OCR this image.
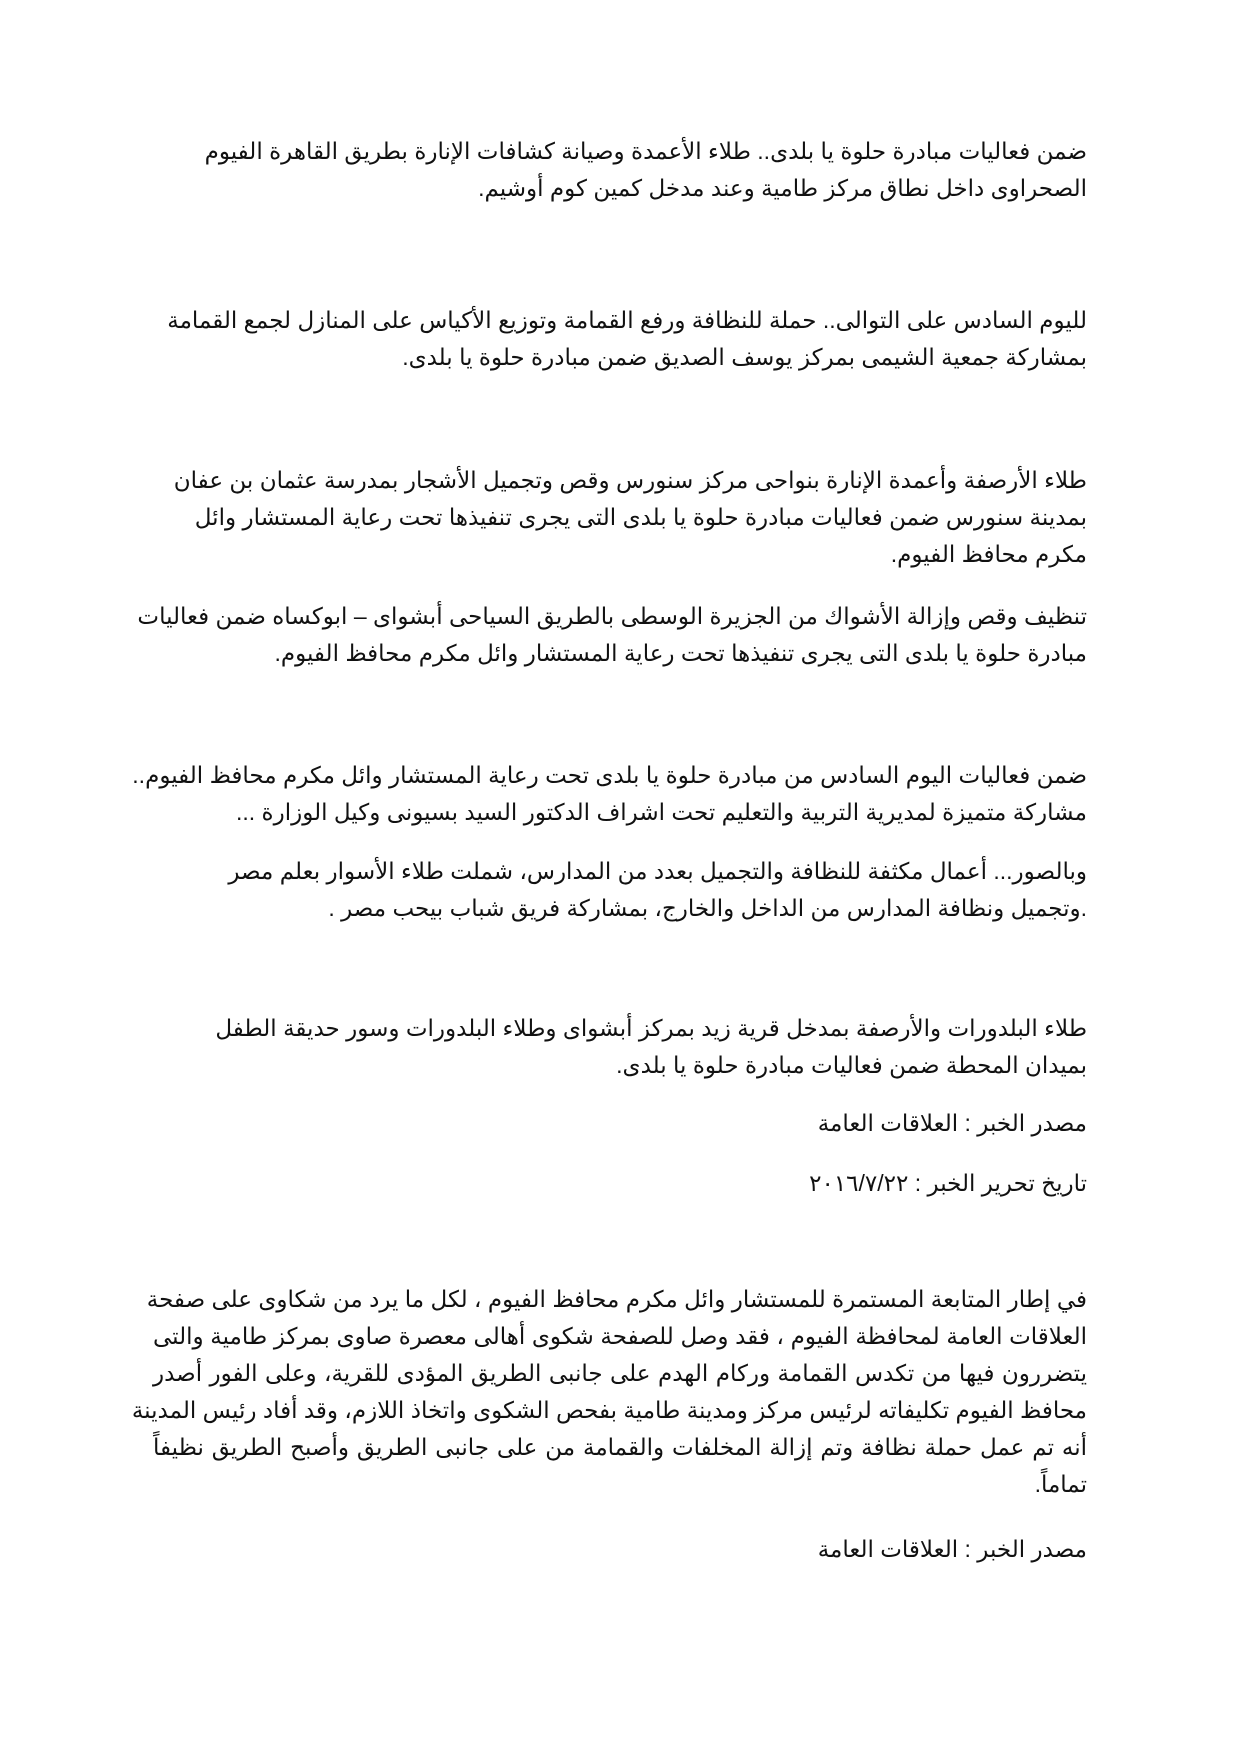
ضمن فعاليات مبادرة حلوة يا بلدى.. طلاء الأعمدة وصيانة كشافات الإنارة بطريق القاهرة الفيوم
الصحراوى داخل نطاق مركز طامية وعند مدخل كمين كوم أوشيم.

لليوم السادس على التوالى.. حملة للنظافة ورفع القمامة وتوزيع الأكياس على المنازل لجمع القمامة
بمشاركة جمعية الشيمى بمركز يوسف الصديق ضمن مبادرة حلوة يا بلدى.

طلاء الأرصفة وأعمدة الإنارة بنواحى مركز سنورس وقص وتجميل الأشجار بمدرسة عثمان بن عفان
بمدينة سنورس ضمن فعاليات مبادرة حلوة يا بلدى التى يجرى تنفيذها تحت رعاية المستشار وائل
مكرم محافظ الفيوم.

تنظيف وقص وإزالة الأشواك من الجزيرة الوسطى بالطريق السياحى أبشواى – ابوكساه ضمن فعاليات
مبادرة حلوة يا بلدى التى يجرى تنفيذها تحت رعاية المستشار وائل مكرم محافظ الفيوم.

ضمن فعاليات اليوم السادس من مبادرة حلوة يا بلدى تحت رعاية المستشار وائل مكرم محافظ الفيوم..
مشاركة متميزة لمديرية التربية والتعليم تحت اشراف الدكتور السيد بسيونى وكيل الوزارة ...

وبالصور... أعمال مكثفة للنظافة والتجميل بعدد من المدارس، شملت طلاء الأسوار بعلم مصر
.وتجميل ونظافة المدارس من الداخل والخارج، بمشاركة فريق شباب بيحب مصر .

طلاء البلدورات والأرصفة بمدخل قرية زيد بمركز أبشواى وطلاء البلدورات وسور حديقة الطفل
بميدان المحطة ضمن فعاليات مبادرة حلوة يا بلدى.

مصدر الخبر : العلاقات العامة

تاريخ تحرير الخبر : ٢٠١٦/٧/٢٢

في إطار المتابعة المستمرة للمستشار وائل مكرم محافظ الفيوم ، لكل ما يرد من شكاوى على صفحة
العلاقات العامة لمحافظة الفيوم ، فقد وصل للصفحة شكوى أهالى معصرة صاوى بمركز طامية والتى
يتضررون فيها من تكدس القمامة وركام الهدم على جانبى الطريق المؤدى للقرية، وعلى الفور أصدر
محافظ الفيوم تكليفاته لرئيس مركز ومدينة طامية بفحص الشكوى واتخاذ اللازم، وقد أفاد رئيس المدينة
أنه تم عمل حملة نظافة وتم إزالة المخلفات والقمامة من على جانبى الطريق وأصبح الطريق نظيفاً
تماماً.

مصدر الخبر : العلاقات العامة
